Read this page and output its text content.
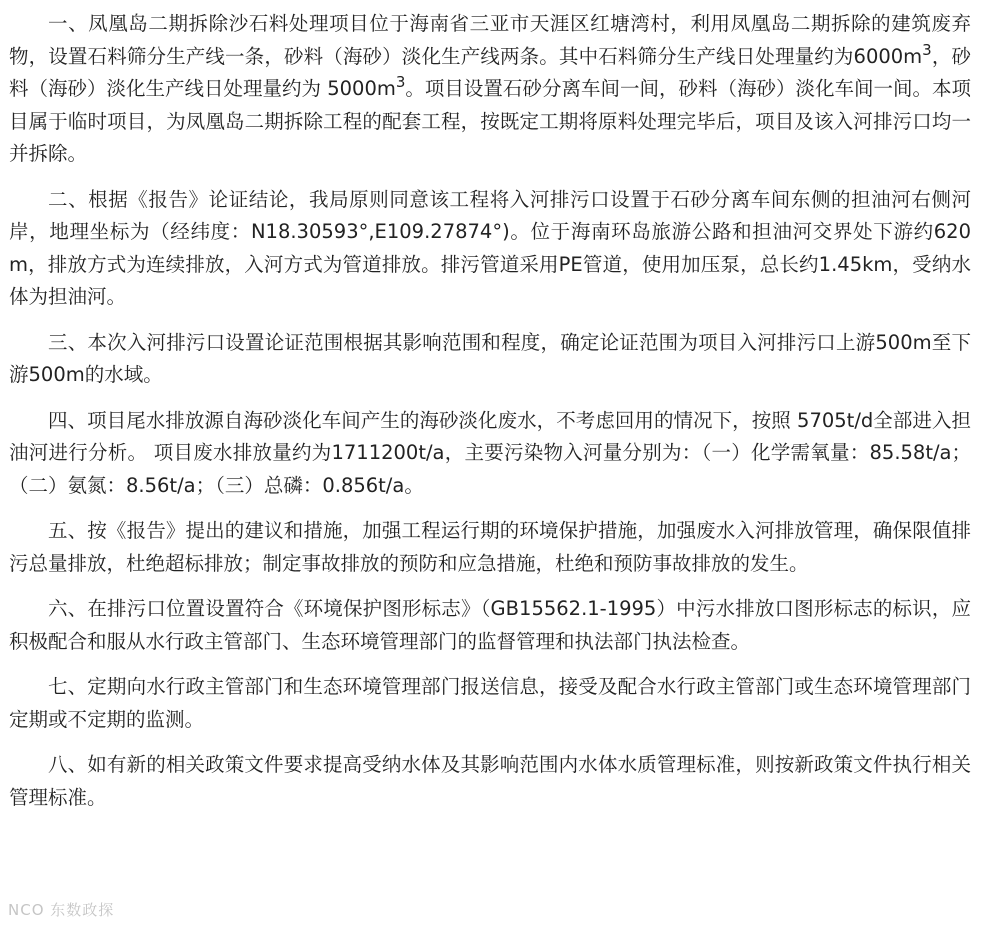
一、凤凰岛二期拆除沙石料处理项目位于海南省三亚市天涯区红塘湾村，利用凤凰岛二期拆除的建筑废弃物，设置石料筛分生产线一条，砂料（海砂）淡化生产线两条。其中石料筛分生产线日处理量约为$6000m^3$，砂料（海砂）淡化生产线日处理量约为 $5000m^3$。项目设置石砂分离车间一间，砂料（海砂）淡化车间一间。本项目属于临时项目，为凤凰岛二期拆除工程的配套工程，按既定工期将原料处理完毕后，项目及该入河排污口均一并拆除。

二、根据《报告》论证结论，我局原则同意该工程将入河排污口设置于石砂分离车间东侧的担油河右侧河岸，地理坐标为（经纬度：N18.30593°,E109.27874°)。位于海南环岛旅游公路和担油河交界处下游约620m，排放方式为连续排放，入河方式为管道排放。排污管道采用PE管道，使用加压泵，总长约1.45km，受纳水体为担油河。

三、本次入河排污口设置论证范围根据其影响范围和程度，确定论证范围为项目入河排污口上游500m至下游500m的水域。

四、项目尾水排放源自海砂淡化车间产生的海砂淡化废水，不考虑回用的情况下，按照 5705t/d全部进入担油河进行分析。 项目废水排放量约为1711200t/a，主要污染物入河量分别为：（一）化学需氧量：85.58t/a；（二）氨氮：8.56t/a；（三）总磷：0.856t/a。

五、按《报告》提出的建议和措施，加强工程运行期的环境保护措施，加强废水入河排放管理，确保限值排污总量排放，杜绝超标排放；制定事故排放的预防和应急措施，杜绝和预防事故排放的发生。

六、在排污口位置设置符合《环境保护图形标志》（GB15562.1-1995）中污水排放口图形标志的标识，应积极配合和服从水行政主管部门、生态环境管理部门的监督管理和执法部门执法检查。

七、定期向水行政主管部门和生态环境管理部门报送信息，接受及配合水行政主管部门或生态环境管理部门定期或不定期的监测。

八、如有新的相关政策文件要求提高受纳水体及其影响范围内水体水质管理标准，则按新政策文件执行相关管理标准。

NCO 东数政探
